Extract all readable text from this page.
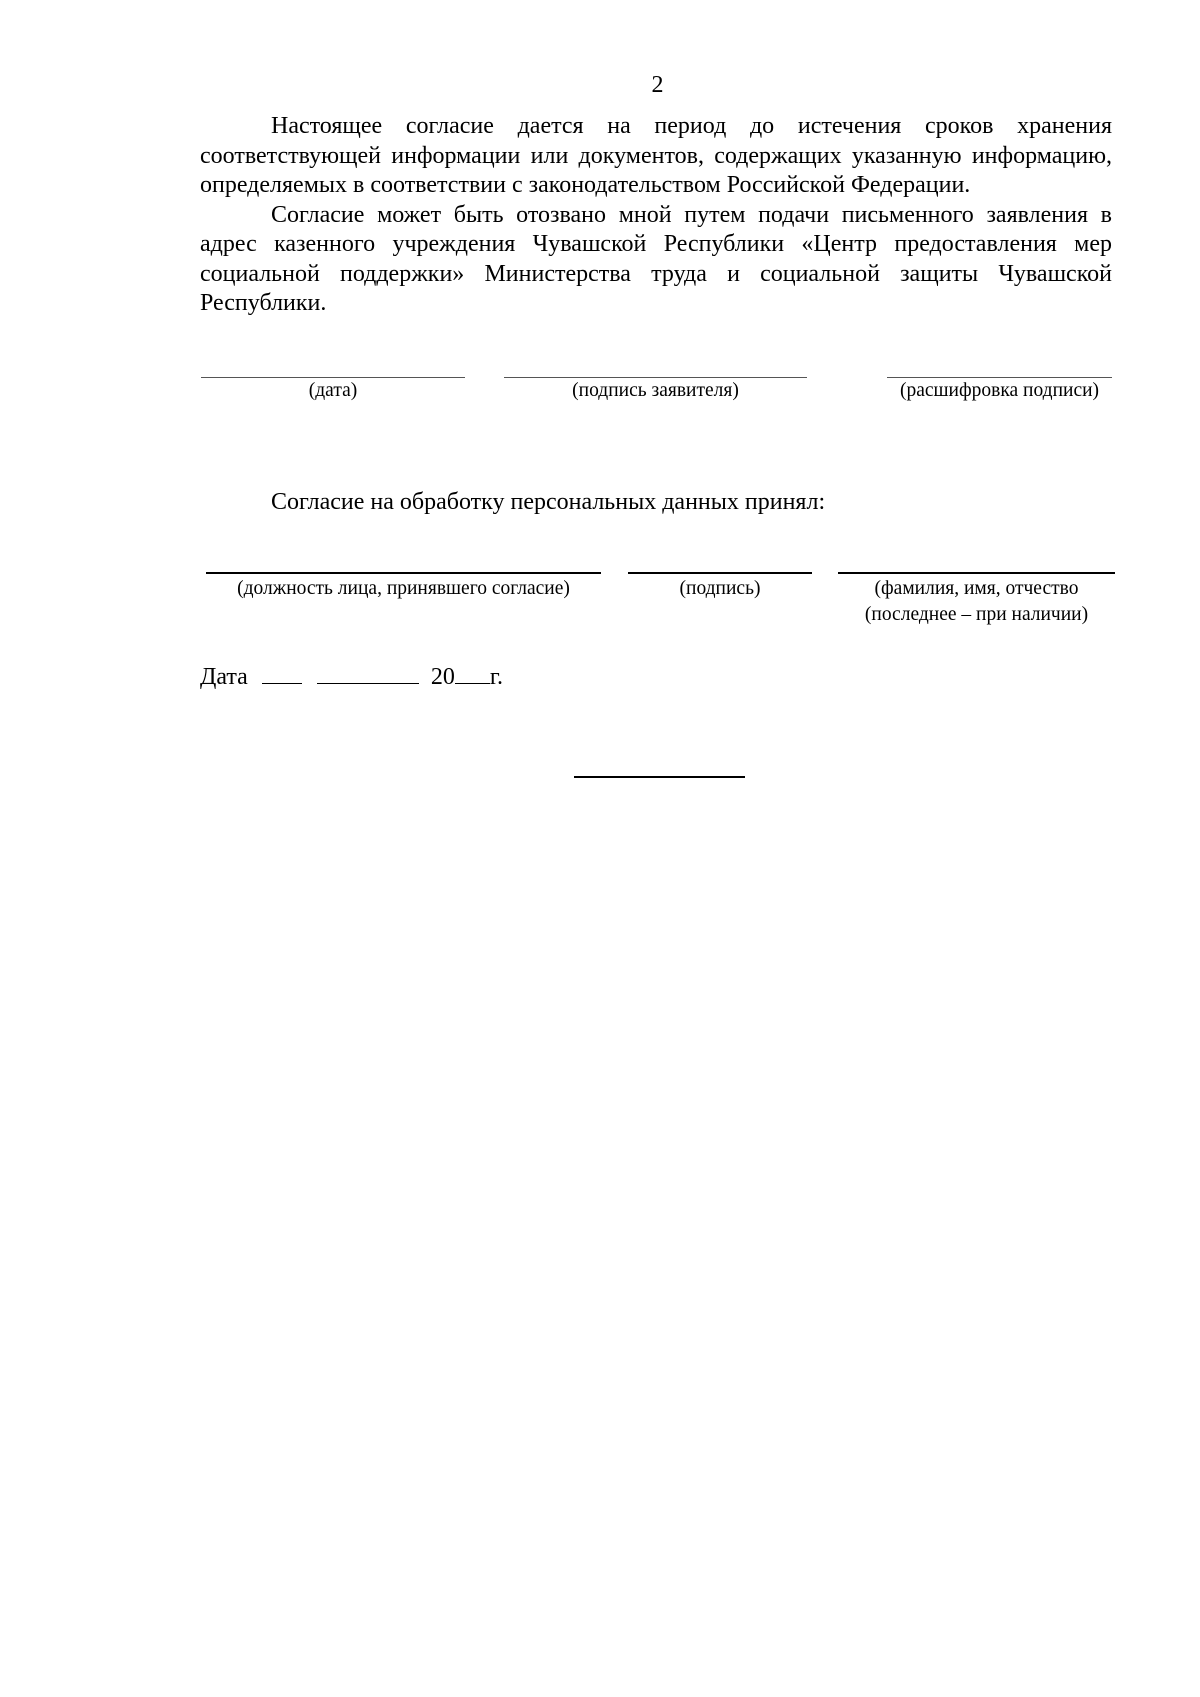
2

Настоящее согласие дается на период до истечения сроков хранения соответствующей информации или документов, содержащих указанную информацию, определяемых в соответствии с законодательством Российской Федерации.

Согласие может быть отозвано мной путем подачи письменного заявления в адрес казенного учреждения Чувашской Республики «Центр предоставления мер социальной поддержки» Министерства труда и социальной защиты Чувашской Республики.

(дата)	(подпись заявителя)	(расшифровка подписи)
Согласие на обработку персональных данных принял:
(должность лица, принявшего согласие)	(подпись)	(фамилия, имя, отчество
(последнее – при наличии)
Дата	20 г.
